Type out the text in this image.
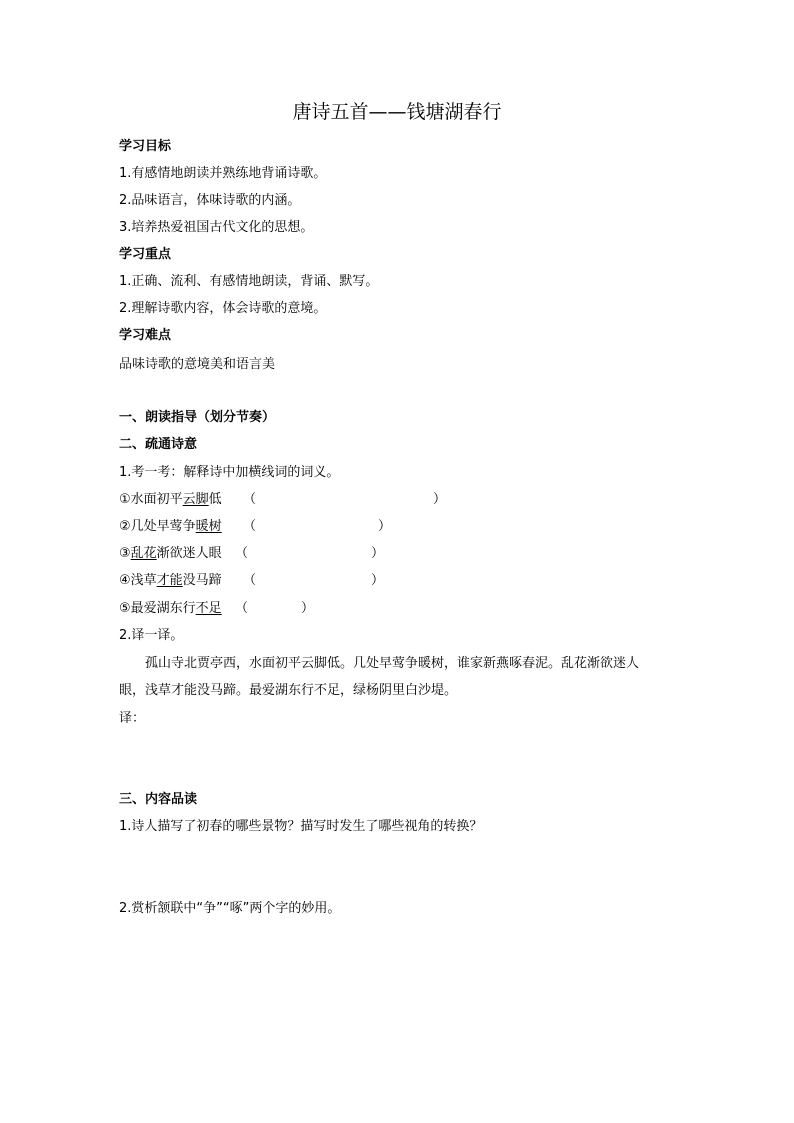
唐诗五首——钱塘湖春行
学习目标
1.有感情地朗读并熟练地背诵诗歌。
2.品味语言，体味诗歌的内涵。
3.培养热爱祖国古代文化的思想。
学习重点
1.正确、流利、有感情地朗读，背诵、默写。
2.理解诗歌内容，体会诗歌的意境。
学习难点
品味诗歌的意境美和语言美
一、朗读指导（划分节奏）
二、疏通诗意
1.考一考：解释诗中加横线词的词义。
①水面初平云脚低 （	）
②几处早莺争暖树 （	）
③乱花渐欲迷人眼 （	）
④浅草才能没马蹄 （	）
⑤最爱湖东行不足 （	）
2.译一译。
孤山寺北贾亭西，水面初平云脚低。几处早莺争暖树，谁家新燕啄春泥。乱花渐欲迷人
眼，浅草才能没马蹄。最爱湖东行不足，绿杨阴里白沙堤。
译：
三、内容品读
1.诗人描写了初春的哪些景物？描写时发生了哪些视角的转换？
2.赏析颔联中“争”“啄”两个字的妙用。
